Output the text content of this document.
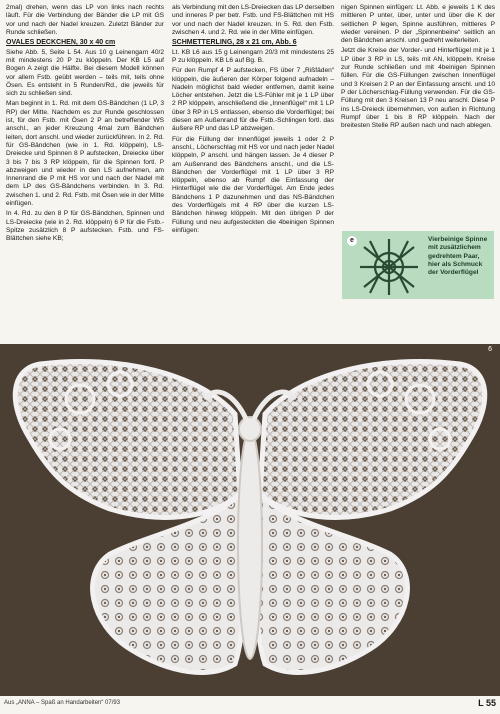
2mal) drehen, wenn das LP von links nach rechts läuft. Für die Verbindung der Bänder die LP mit GS vor und nach der Nadel kreuzen. Zuletzt Bänder zur Runde schließen.

OVALES DECKCHEN, 30 x 40 cm

Siehe Abb. 5, Seite L 54. Aus 10 g Leinengarn 40/2 mit mindestens 20 P zu klöppeln. Der KB L5 auf Bogen A zeigt die Hälfte. Bei diesem Modell können vor allem Fstb. geübt werden – teils mit, teils ohne Ösen. Es entsteht in 5 Runden/Rd., die jeweils für sich zu schließen sind.

Man beginnt in 1. Rd. mit dem GS-Bändchen (1 LP, 3 RP) der Mitte. Nachdem es zur Runde geschlossen ist, für den Fstb. mit Ösen 2 P an betreffender WS anschl., an jeder Kreuzung 4mal zum Bändchen leiten, dort anschl. und wieder zurückführen. In 2. Rd. für GS-Bändchen (wie in 1. Rd. klöppeln), LS-Dreiecke und Spinnen 8 P aufstecken, Dreiecke über 3 bis 7 bis 3 RP klöppeln, für die Spinnen fortl. P abzweigen und wieder in den LS aufnehmen, am Innenrand die P mit HS vor und nach der Nadel mit dem LP des GS-Bändchens verbinden. In 3. Rd. zwischen 1. und 2. Rd. Fstb. mit Ösen wie in der Mitte einfügen.

In 4. Rd. zu den 8 P für GS-Bändchen, Spinnen und LS-Dreiecke (wie in 2. Rd. klöppeln) 6 P für die Fstb.-Spitze zusätzlich 8 P aufstecken. Fstb. und FS-Blättchen siehe KB;

als Verbindung mit den LS-Dreiecken das LP derselben und inneres P per betr. Fstb. und FS-Blättchen mit HS vor und nach der Nadel kreuzen. In 5. Rd. den Fstb. zwischen 4. und 2. Rd. wie in der Mitte einfügen.

SCHMETTERLING, 28 x 21 cm, Abb. 6

Lt. KB L6 aus 15 g Leinengarn 20/3 mit mindestens 25 P zu klöppeln. KB L6 auf Bg. B.

Für den Rumpf 4 P aufstecken, FS über 7 „Rißfäden“ klöppeln, die äußeren der Körper folgend aufnadeln – Nadeln möglichst bald wieder entfernen, damit keine Löcher entstehen. Jetzt die LS-Fühler mit je 1 LP über 2 RP klöppeln, anschließend die „Innenflügel“ mit 1 LP über 3 RP in LS entlassen, ebenso die Vorderflügel; bei diesen am Außenrand für die Fstb.-Schlingen fortl. das äußere RP und das LP abzweigen.

Für die Füllung der Innenflügel jeweils 1 oder 2 P anschl., Löcherschlag mit HS vor und nach jeder Nadel klöppeln, P anschl. und hängen lassen. Je 4 dieser P am Außenrand des Bändchens anschl., und die LS-Bändchen der Vorderflügel mit 1 LP über 3 RP klöppeln, ebenso ab Rumpf die Einfassung der Hinterflügel wie die der Vorderflügel. Am Ende jedes Bändchens 1 P dazunehmen und das NS-Bändchen des Vorderflügels mit 4 RP über die kurzen LS-Bändchen hinweg klöppeln. Mit den übrigen P der Füllung und neu aufgesteckten die 4beinigen Spinnen einfügen:

nigen Spinnen einfügen: Lt. Abb. e jeweils 1 K des mittleren P unter, über, unter und über die K der seitlichen P legen, Spinne ausführen, mittleres P wieder vereinen. P der „Spinnenbeine“ seitlich an den Bändchen anschl. und gedreht weiterleiten.

Jetzt die Kreise der Vorder- und Hinterflügel mit je 1 LP über 3 RP in LS, teils mit AN, klöppeln. Kreise zur Runde schließen und mit 4beinigen Spinnen füllen. Für die GS-Füllungen zwischen Innenflügel und 3 Kreisen 2 P an der Einfassung anschl. und 10 P der Löcherschlag-Füllung verwenden. Für die GS-Füllung mit den 3 Kreisen 13 P neu anschl. Diese P ins LS-Dreieck übernehmen, von außen in Richtung Rumpf über 1 bis 8 RP klöppeln. Nach der breitesten Stelle RP außen nach und nach ablegen.

e	Vierbeinige Spinne mit zusätzlichem gedrehtem Paar, hier als Schmuck der Vorderflügel
6
Aus „ANNA – Spaß an Handarbeiten“ 07/93	L 55
